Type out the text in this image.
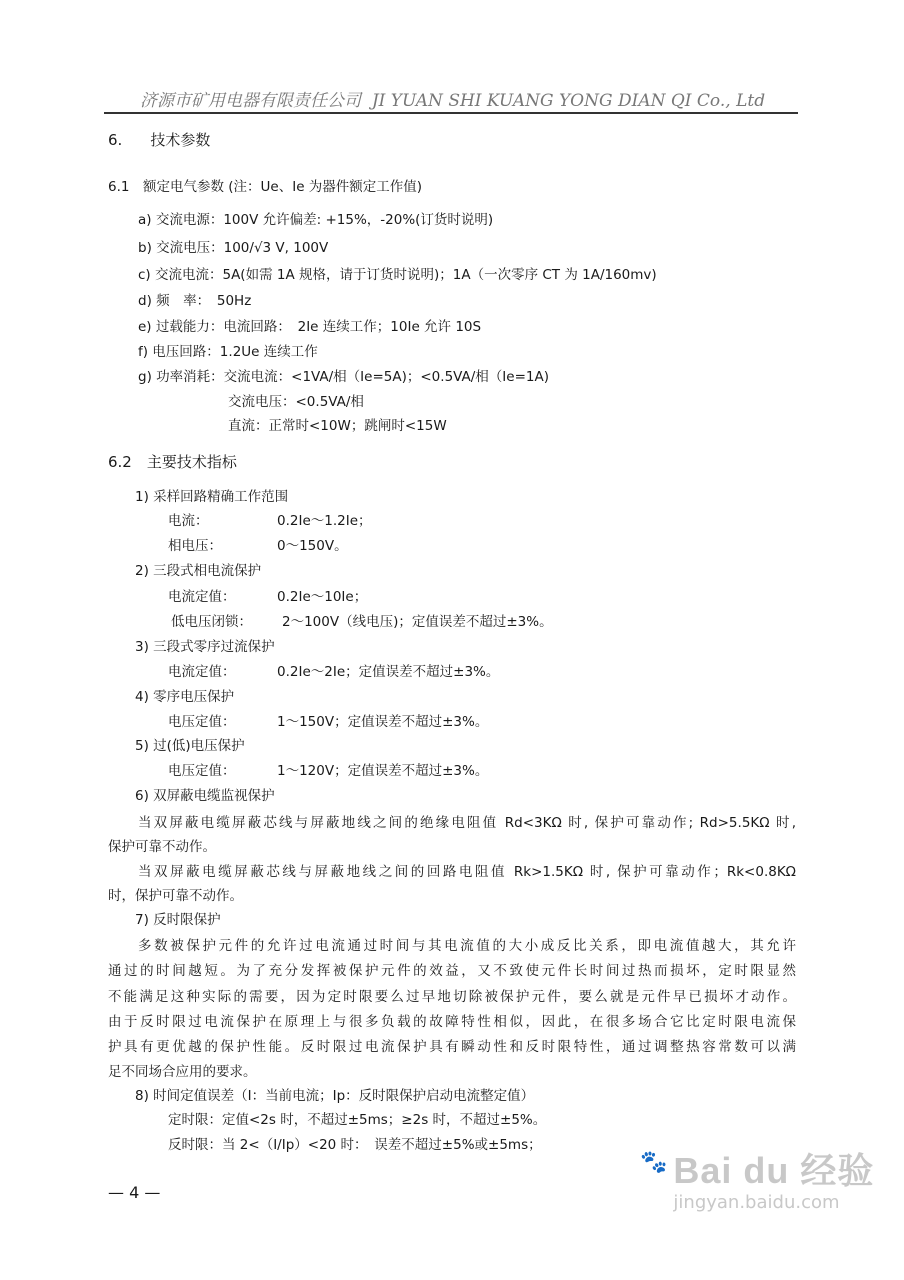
济源市矿用电器有限责任公司 JI YUAN SHI KUANG YONG DIAN QI Co., Ltd
6. 技术参数
6.1　额定电气参数 (注：Ue、Ie 为器件额定工作值)
a) 交流电源：100V 允许偏差: +15%，-20%(订货时说明)
b) 交流电压：100/√3 V, 100V
c) 交流电流：5A(如需 1A 规格，请于订货时说明)；1A（一次零序 CT 为 1A/160mv)
d) 频　率：　50Hz
e) 过载能力：电流回路：　2Ie 连续工作；10Ie 允许 10S
f) 电压回路：1.2Ue 连续工作
g) 功率消耗：交流电流：<1VA/相（Ie=5A)；<0.5VA/相（Ie=1A)
交流电压：<0.5VA/相
直流：正常时<10W；跳闸时<15W
6.2　主要技术指标
1) 采样回路精确工作范围
电流：	0.2Ie～1.2Ie；
相电压：	0～150V。
2) 三段式相电流保护
电流定值：	0.2Ie～10Ie；
低电压闭锁： 2～100V（线电压)；定值误差不超过±3%。
3) 三段式零序过流保护
电流定值：	0.2Ie～2Ie；定值误差不超过±3%。
4) 零序电压保护
电压定值：	1～150V；定值误差不超过±3%。
5) 过(低)电压保护
电压定值：	1～120V；定值误差不超过±3%。
6) 双屏蔽电缆监视保护
当双屏蔽电缆屏蔽芯线与屏蔽地线之间的绝缘电阻值 Rd<3KΩ 时, 保护可靠动作; Rd>5.5KΩ 时,
保护可靠不动作。
当双屏蔽电缆屏蔽芯线与屏蔽地线之间的回路电阻值 Rk>1.5KΩ 时, 保护可靠动作；Rk<0.8KΩ
时，保护可靠不动作。
7) 反时限保护
多数被保护元件的允许过电流通过时间与其电流值的大小成反比关系，即电流值越大，其允许
通过的时间越短。为了充分发挥被保护元件的效益，又不致使元件长时间过热而损坏，定时限显然
不能满足这种实际的需要，因为定时限要么过早地切除被保护元件，要么就是元件早已损坏才动作。
由于反时限过电流保护在原理上与很多负载的故障特性相似，因此，在很多场合它比定时限电流保
护具有更优越的保护性能。反时限过电流保护具有瞬动性和反时限特性，通过调整热容常数可以满
足不同场合应用的要求。
8) 时间定值误差（I：当前电流；Ip：反时限保护启动电流整定值）
定时限：定值<2s 时，不超过±5ms；≥2s 时，不超过±5%。
反时限：当 2<（I/Ip）<20 时：　误差不超过±5%或±5ms；
— 4 —
🐾 Bai du 经验
jingyan.baidu.com
